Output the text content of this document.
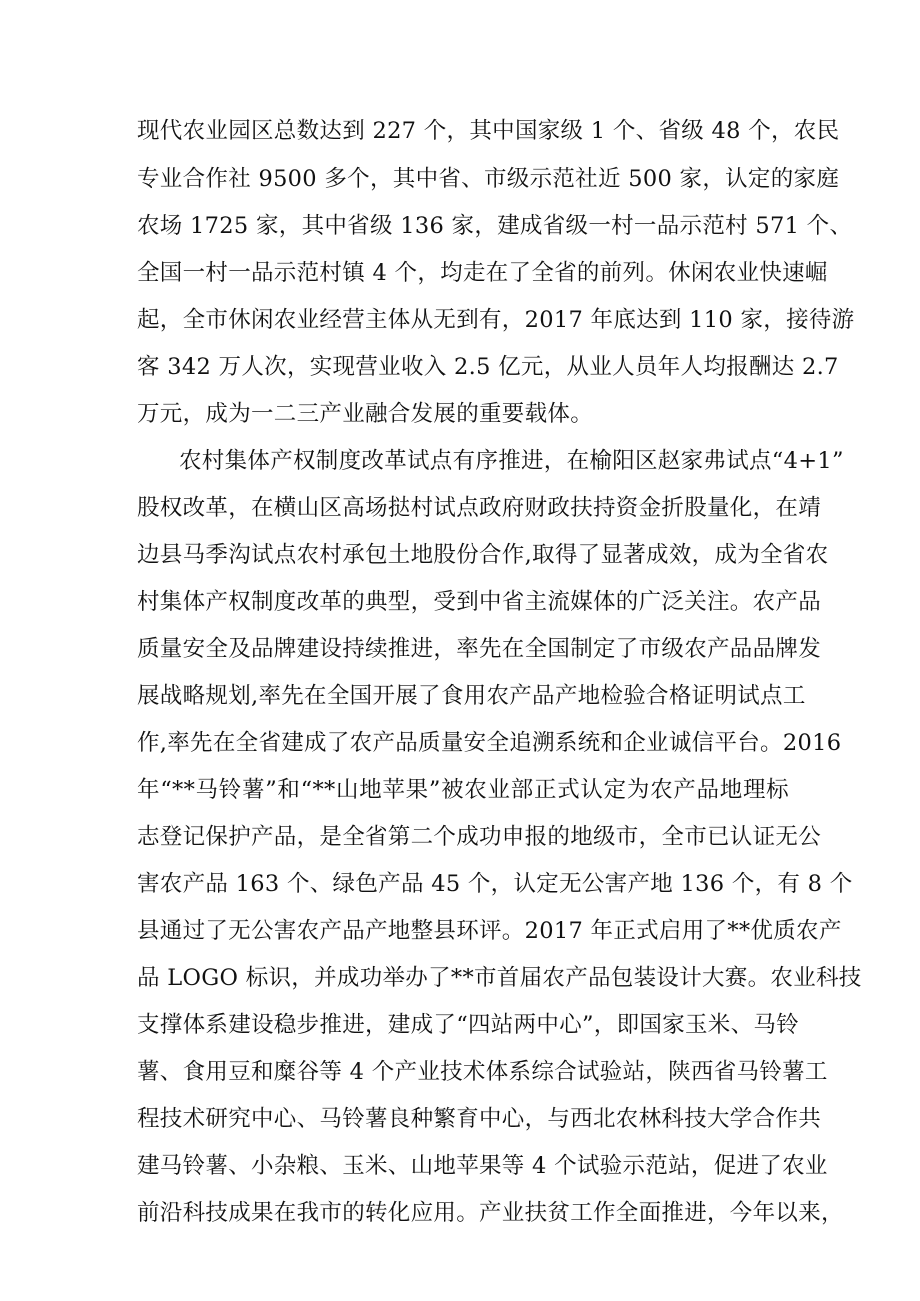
现代农业园区总数达到 227 个，其中国家级 1 个、省级 48 个，农民
专业合作社 9500 多个，其中省、市级示范社近 500 家，认定的家庭
农场 1725 家，其中省级 136 家，建成省级一村一品示范村 571 个、
全国一村一品示范村镇 4 个，均走在了全省的前列。休闲农业快速崛
起，全市休闲农业经营主体从无到有，2017 年底达到 110 家，接待游
客 342 万人次，实现营业收入 2.5 亿元，从业人员年人均报酬达 2.7
万元，成为一二三产业融合发展的重要载体。
农村集体产权制度改革试点有序推进，在榆阳区赵家弗试点“4+1”
股权改革，在横山区高场挞村试点政府财政扶持资金折股量化，在靖
边县马季沟试点农村承包土地股份合作,取得了显著成效，成为全省农
村集体产权制度改革的典型，受到中省主流媒体的广泛关注。农产品
质量安全及品牌建设持续推进，率先在全国制定了市级农产品品牌发
展战略规划,率先在全国开展了食用农产品产地检验合格证明试点工
作,率先在全省建成了农产品质量安全追溯系统和企业诚信平台。2016
年“**马铃薯”和“**山地苹果”被农业部正式认定为农产品地理标
志登记保护产品，是全省第二个成功申报的地级市，全市已认证无公
害农产品 163 个、绿色产品 45 个，认定无公害产地 136 个，有 8 个
县通过了无公害农产品产地整县环评。2017 年正式启用了**优质农产
品 LOGO 标识，并成功举办了**市首届农产品包装设计大赛。农业科技
支撑体系建设稳步推进，建成了“四站两中心”，即国家玉米、马铃
薯、食用豆和糜谷等 4 个产业技术体系综合试验站，陕西省马铃薯工
程技术研究中心、马铃薯良种繁育中心，与西北农林科技大学合作共
建马铃薯、小杂粮、玉米、山地苹果等 4 个试验示范站，促进了农业
前沿科技成果在我市的转化应用。产业扶贫工作全面推进，今年以来，
